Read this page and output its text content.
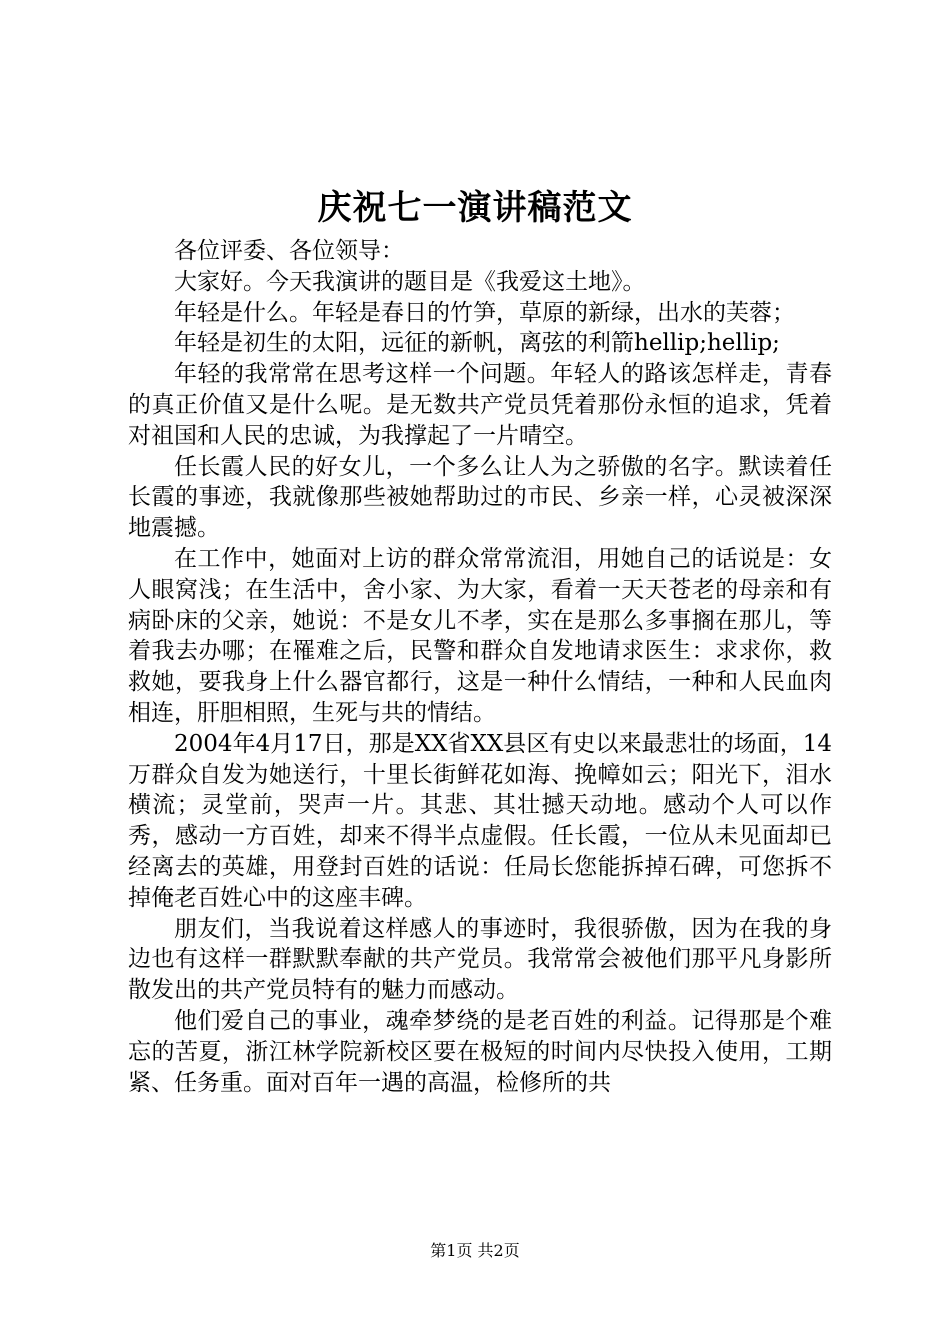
庆祝七一演讲稿范文

各位评委、各位领导：

大家好。今天我演讲的题目是《我爱这土地》。

年轻是什么。年轻是春日的竹笋，草原的新绿，出水的芙蓉；

年轻是初生的太阳，远征的新帆，离弦的利箭hellip;hellip;

年轻的我常常在思考这样一个问题。年轻人的路该怎样走，青春的真正价值又是什么呢。是无数共产党员凭着那份永恒的追求，凭着对祖国和人民的忠诚，为我撑起了一片晴空。

任长霞人民的好女儿，一个多么让人为之骄傲的名字。默读着任长霞的事迹，我就像那些被她帮助过的市民、乡亲一样，心灵被深深地震撼。

在工作中，她面对上访的群众常常流泪，用她自己的话说是：女人眼窝浅；在生活中，舍小家、为大家，看着一天天苍老的母亲和有病卧床的父亲，她说：不是女儿不孝，实在是那么多事搁在那儿，等着我去办哪；在罹难之后，民警和群众自发地请求医生：求求你，救救她，要我身上什么器官都行，这是一种什么情结，一种和人民血肉相连，肝胆相照，生死与共的情结。

2004年4月17日，那是XX省XX县区有史以来最悲壮的场面，14万群众自发为她送行，十里长街鲜花如海、挽幛如云；阳光下，泪水横流；灵堂前，哭声一片。其悲、其壮撼天动地。感动个人可以作秀，感动一方百姓，却来不得半点虚假。任长霞，一位从未见面却已经离去的英雄，用登封百姓的话说：任局长您能拆掉石碑，可您拆不掉俺老百姓心中的这座丰碑。

朋友们，当我说着这样感人的事迹时，我很骄傲，因为在我的身边也有这样一群默默奉献的共产党员。我常常会被他们那平凡身影所散发出的共产党员特有的魅力而感动。

他们爱自己的事业，魂牵梦绕的是老百姓的利益。记得那是个难忘的苦夏，浙江林学院新校区要在极短的时间内尽快投入使用，工期紧、任务重。面对百年一遇的高温，检修所的共

第1页 共2页
